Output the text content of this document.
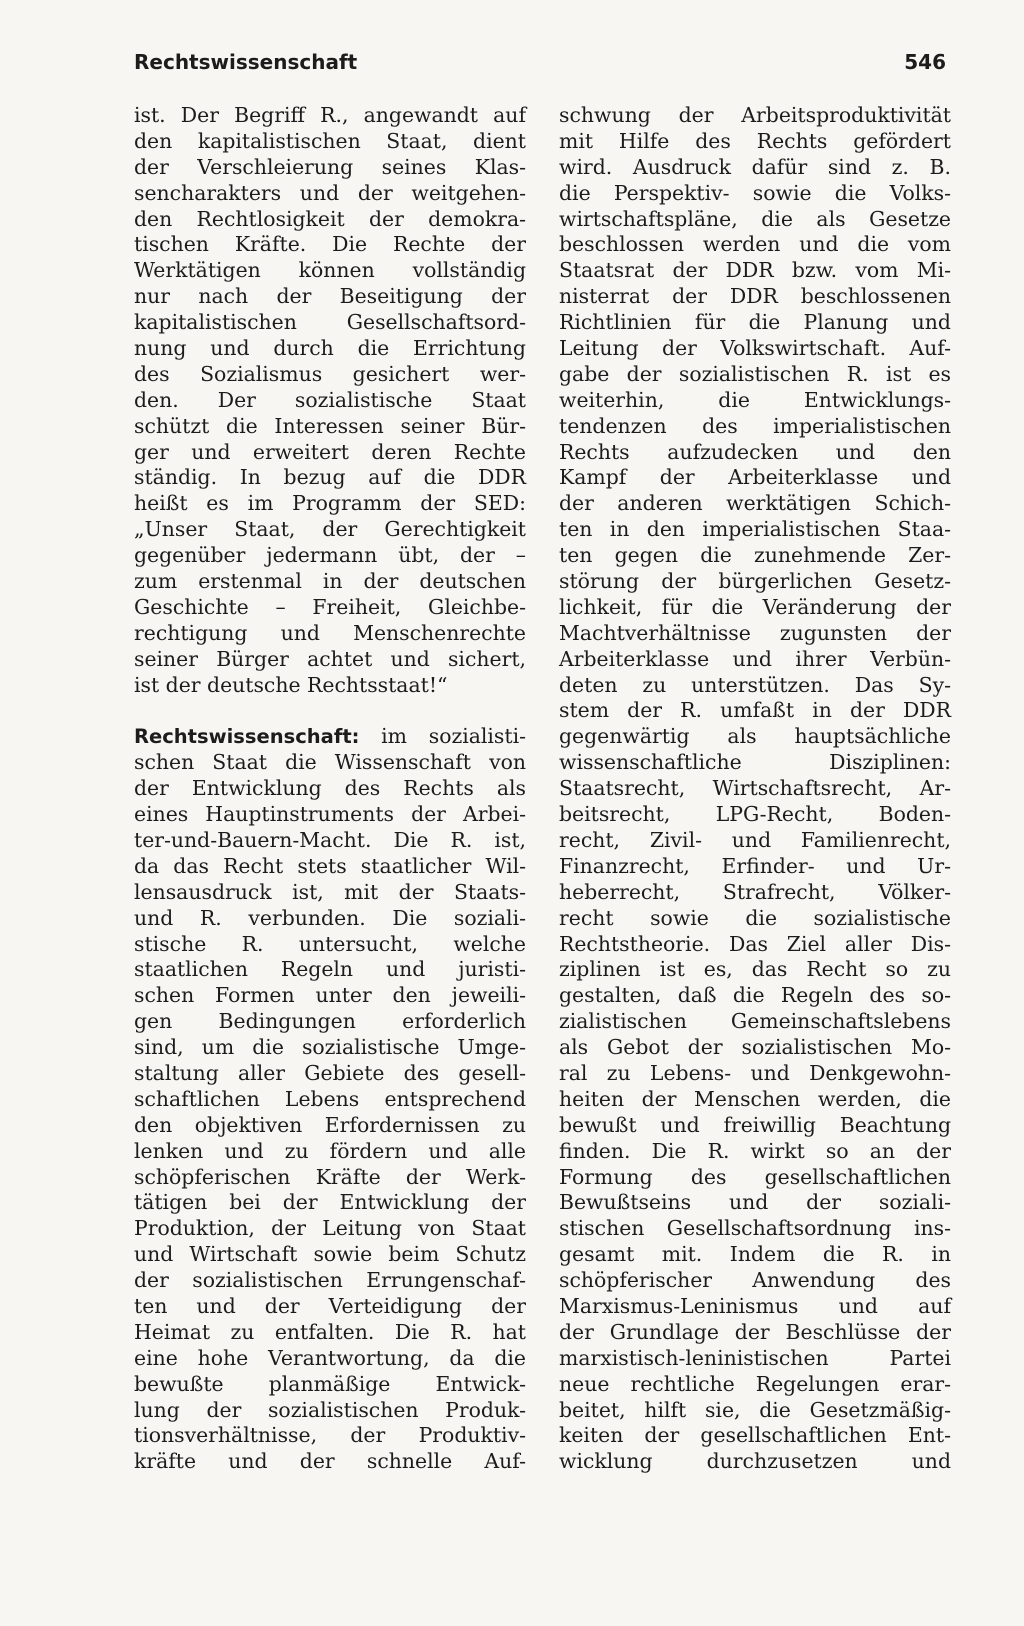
Rechtswissenschaft	546
ist. Der Begriff R., angewandt auf
den kapitalistischen Staat, dient
der Verschleierung seines Klas-
sencharakters und der weitgehen-
den Rechtlosigkeit der demokra-
tischen Kräfte. Die Rechte der
Werktätigen können vollständig
nur nach der Beseitigung der
kapitalistischen Gesellschaftsord-
nung und durch die Errichtung
des Sozialismus gesichert wer-
den. Der sozialistische Staat
schützt die Interessen seiner Bür-
ger und erweitert deren Rechte
ständig. In bezug auf die DDR
heißt es im Programm der SED:
„Unser Staat, der Gerechtigkeit
gegenüber jedermann übt, der –
zum erstenmal in der deutschen
Geschichte – Freiheit, Gleichbe-
rechtigung und Menschenrechte
seiner Bürger achtet und sichert,
ist der deutsche Rechtsstaat!“
Rechtswissenschaft: im sozialisti-
schen Staat die Wissenschaft von
der Entwicklung des Rechts als
eines Hauptinstruments der Arbei-
ter-und-Bauern-Macht. Die R. ist,
da das Recht stets staatlicher Wil-
lensausdruck ist, mit der Staats-
und R. verbunden. Die soziali-
stische R. untersucht, welche
staatlichen Regeln und juristi-
schen Formen unter den jeweili-
gen Bedingungen erforderlich
sind, um die sozialistische Umge-
staltung aller Gebiete des gesell-
schaftlichen Lebens entsprechend
den objektiven Erfordernissen zu
lenken und zu fördern und alle
schöpferischen Kräfte der Werk-
tätigen bei der Entwicklung der
Produktion, der Leitung von Staat
und Wirtschaft sowie beim Schutz
der sozialistischen Errungenschaf-
ten und der Verteidigung der
Heimat zu entfalten. Die R. hat
eine hohe Verantwortung, da die
bewußte planmäßige Entwick-
lung der sozialistischen Produk-
tionsverhältnisse, der Produktiv-
kräfte und der schnelle Auf-
schwung der Arbeitsproduktivität
mit Hilfe des Rechts gefördert
wird. Ausdruck dafür sind z. B.
die Perspektiv- sowie die Volks-
wirtschaftspläne, die als Gesetze
beschlossen werden und die vom
Staatsrat der DDR bzw. vom Mi-
nisterrat der DDR beschlossenen
Richtlinien für die Planung und
Leitung der Volkswirtschaft. Auf-
gabe der sozialistischen R. ist es
weiterhin, die Entwicklungs-
tendenzen des imperialistischen
Rechts aufzudecken und den
Kampf der Arbeiterklasse und
der anderen werktätigen Schich-
ten in den imperialistischen Staa-
ten gegen die zunehmende Zer-
störung der bürgerlichen Gesetz-
lichkeit, für die Veränderung der
Machtverhältnisse zugunsten der
Arbeiterklasse und ihrer Verbün-
deten zu unterstützen. Das Sy-
stem der R. umfaßt in der DDR
gegenwärtig als hauptsächliche
wissenschaftliche Disziplinen:
Staatsrecht, Wirtschaftsrecht, Ar-
beitsrecht, LPG-Recht, Boden-
recht, Zivil- und Familienrecht,
Finanzrecht, Erfinder- und Ur-
heberrecht, Strafrecht, Völker-
recht sowie die sozialistische
Rechtstheorie. Das Ziel aller Dis-
ziplinen ist es, das Recht so zu
gestalten, daß die Regeln des so-
zialistischen Gemeinschaftslebens
als Gebot der sozialistischen Mo-
ral zu Lebens- und Denkgewohn-
heiten der Menschen werden, die
bewußt und freiwillig Beachtung
finden. Die R. wirkt so an der
Formung des gesellschaftlichen
Bewußtseins und der soziali-
stischen Gesellschaftsordnung ins-
gesamt mit. Indem die R. in
schöpferischer Anwendung des
Marxismus-Leninismus und auf
der Grundlage der Beschlüsse der
marxistisch-leninistischen Partei
neue rechtliche Regelungen erar-
beitet, hilft sie, die Gesetzmäßig-
keiten der gesellschaftlichen Ent-
wicklung durchzusetzen und
